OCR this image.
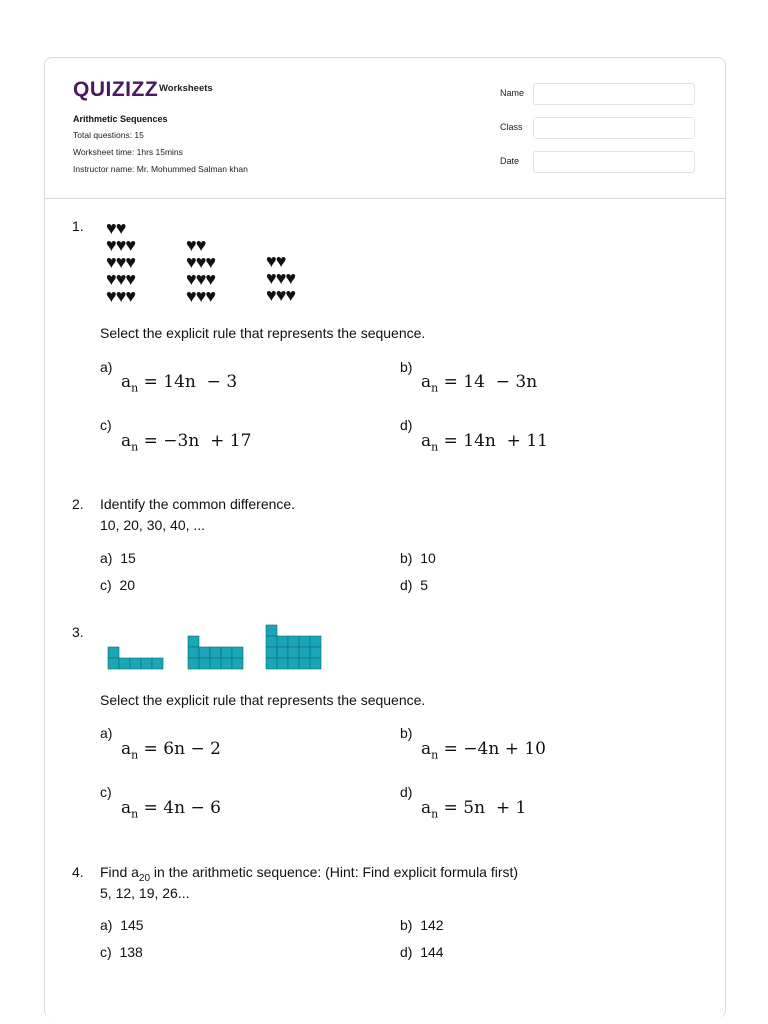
QUIZIZZ Worksheets
Arithmetic Sequences
Total questions: 15
Worksheet time: 1hrs 15mins
Instructor name: Mr. Mohummed Salman khan
Name
Class
Date
1. ♥♥
♥♥♥
♥♥♥
♥♥♥
♥♥♥
♥♥
♥♥♥
♥♥♥
♥♥♥
♥♥
♥♥♥
♥♥♥
Select the explicit rule that represents the sequence.
a)
$a_n = 14n - 3$
b)
$a_n = 14 - 3n$
c)
$a_n = -3n + 17$
d)
$a_n = 14n + 11$
2. Identify the common difference.
10, 20, 30, 40, ...
a) 15	b) 10
c) 20	d) 5
3.
Select the explicit rule that represents the sequence.
a)
$a_n = 6n - 2$
b)
$a_n = -4n + 10$
c)
$a_n = 4n - 6$
d)
$a_n = 5n + 1$
4. Find $a_{20}$ in the arithmetic sequence: (Hint: Find explicit formula first)
5, 12, 19, 26...
a) 145	b) 142
c) 138	d) 144
